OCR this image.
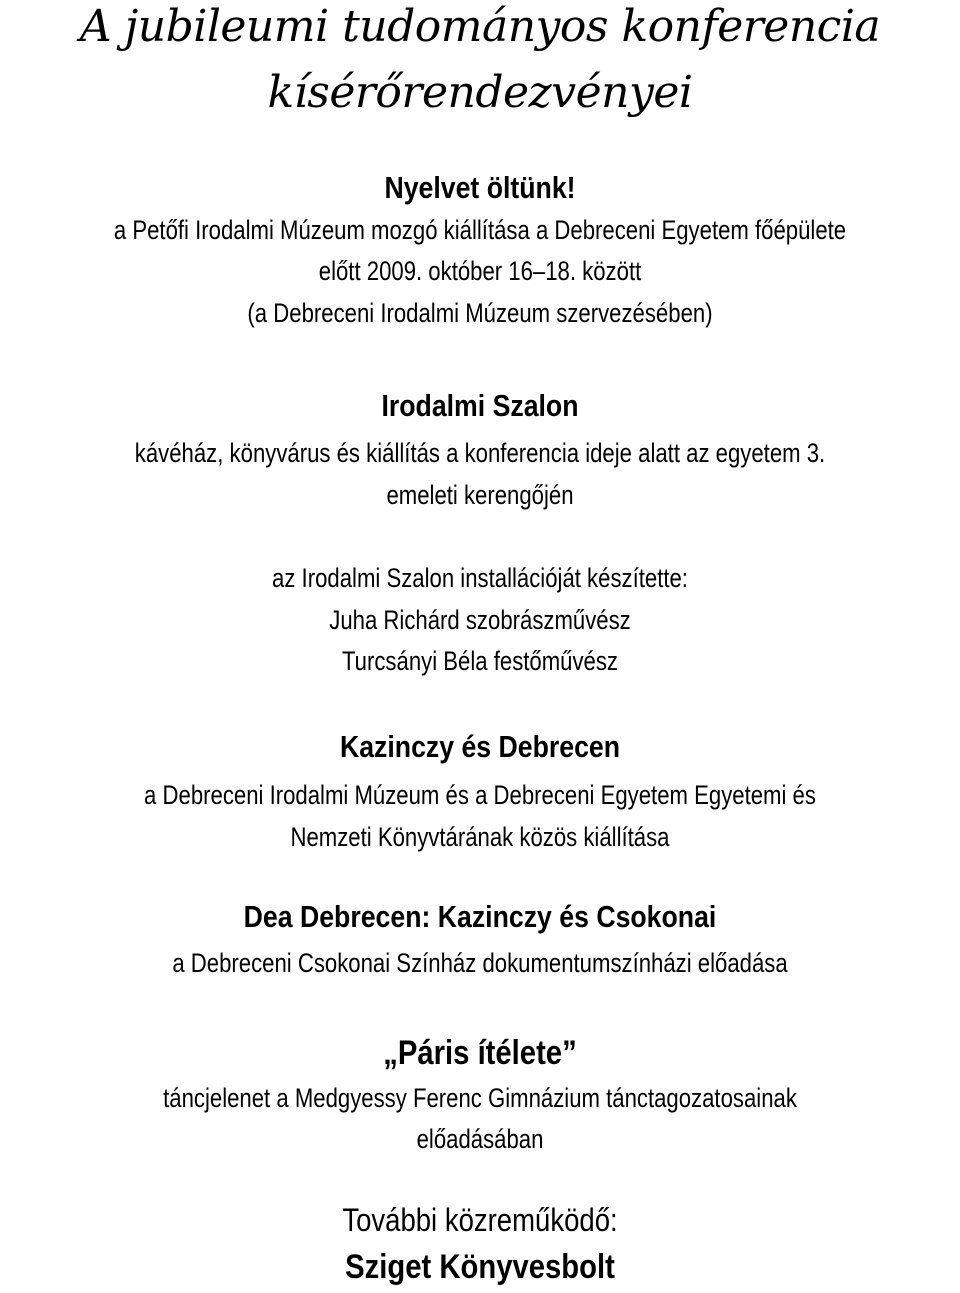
A jubileumi tudományos konferencia
kísérőrendezvényei
Nyelvet öltünk!
a Petőfi Irodalmi Múzeum mozgó kiállítása a Debreceni Egyetem főépülete
előtt 2009. október 16–18. között
(a Debreceni Irodalmi Múzeum szervezésében)
Irodalmi Szalon
kávéház, könyvárus és kiállítás a konferencia ideje alatt az egyetem 3.
emeleti kerengőjén
az Irodalmi Szalon installációját készítette:
Juha Richárd szobrászművész
Turcsányi Béla festőművész
Kazinczy és Debrecen
a Debreceni Irodalmi Múzeum és a Debreceni Egyetem Egyetemi és
Nemzeti Könyvtárának közös kiállítása
Dea Debrecen: Kazinczy és Csokonai
a Debreceni Csokonai Színház dokumentumszínházi előadása
„Páris ítélete”
táncjelenet a Medgyessy Ferenc Gimnázium tánctagozatosainak
előadásában
További közreműködő:
Sziget Könyvesbolt
